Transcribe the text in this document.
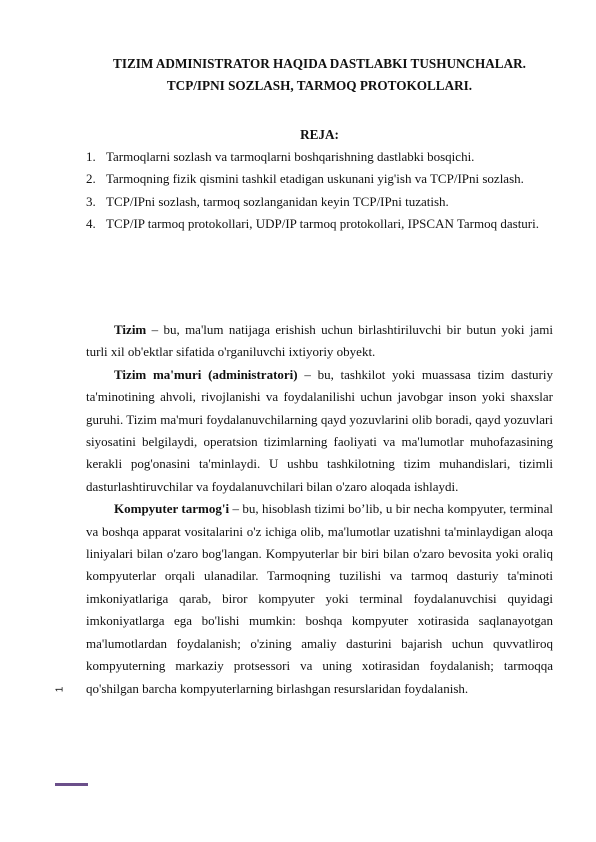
TIZIM ADMINISTRATOR HAQIDA DASTLABKI TUSHUNCHALAR.
TCP/IPNI SOZLASH, TARMOQ PROTOKOLLARI.
REJA:
1. Tarmoqlarni sozlash va tarmoqlarni boshqarishning dastlabki bosqichi.
2. Tarmoqning fizik qismini tashkil etadigan uskunani yig'ish va TCP/IPni sozlash.
3. TCP/IPni sozlash, tarmoq sozlanganidan keyin TCP/IPni tuzatish.
4. TCP/IP tarmoq protokollari, UDP/IP tarmoq protokollari, IPSCAN Tarmoq dasturi.

Tizim – bu, ma'lum natijaga erishish uchun birlashtiriluvchi bir butun yoki jami turli xil ob'ektlar sifatida o'rganiluvchi ixtiyoriy obyekt.

Tizim ma'muri (administratori) – bu, tashkilot yoki muassasa tizim dasturiy ta'minotining ahvoli, rivojlanishi va foydalanilishi uchun javobgar inson yoki shaxslar guruhi. Tizim ma'muri foydalanuvchilarning qayd yozuvlarini olib boradi, qayd yozuvlari siyosatini belgilaydi, operatsion tizimlarning faoliyati va ma'lumotlar muhofazasining kerakli pog'onasini ta'minlaydi. U ushbu tashkilotning tizim muhandislari, tizimli dasturlashtiruvchilar va foydalanuvchilari bilan o'zaro aloqada ishlaydi.

Kompyuter tarmog'i – bu, hisoblash tizimi bo’lib, u bir necha kompyuter, terminal va boshqa apparat vositalarini o'z ichiga olib, ma'lumotlar uzatishni ta'minlaydigan aloqa liniyalari bilan o'zaro bog'langan. Kompyuterlar bir biri bilan o'zaro bevosita yoki oraliq kompyuterlar orqali ulanadilar. Tarmoqning tuzilishi va tarmoq dasturiy ta'minoti imkoniyatlariga qarab, biror kompyuter yoki terminal foydalanuvchisi quyidagi imkoniyatlarga ega bo'lishi mumkin: boshqa kompyuter xotirasida saqlanayotgan ma'lumotlardan foydalanish; o'zining amaliy dasturini bajarish uchun quvvatliroq kompyuterning markaziy protsessori va uning xotirasidan foydalanish; tarmoqqa qo'shilgan barcha kompyuterlarning birlashgan resurslaridan foydalanish.

1
